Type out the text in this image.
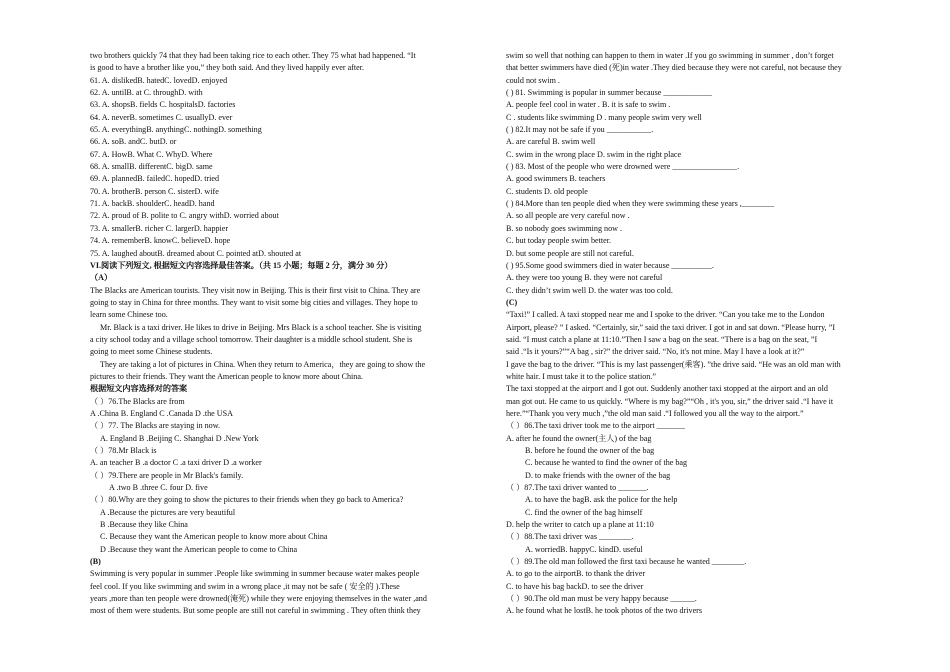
two brothers quickly 74 that they had been taking rice to each other. They 75 what had happened. “It
is good to have a brother like you,” they both said. And they lived happily ever after.
61. A. dislikedB. hatedC. lovedD. enjoyed
62. A. untilB. at C. throughD. with
63. A. shopsB. fields C. hospitalsD. factories
64. A. neverB. sometimes C. usuallyD. ever
65. A. everythingB. anythingC. nothingD. something
66. A. soB. andC. butD. or
67. A. HowB. What C. WhyD. Where
68. A. smallB. differentC. bigD. same
69. A. plannedB. failedC. hopedD. tried
70. A. brotherB. person C. sisterD. wife
71. A. backB. shoulderC. headD. hand
72. A. proud of B. polite to C. angry withD. worried about
73. A. smallerB. richer C. largerD. happier
74. A. rememberB. knowC. believeD. hope
75. A. laughed aboutB. dreamed about C. pointed atD. shouted at
VI.阅读下列短文, 根据短文内容选择最佳答案。（共 15 小题；每题 2 分，满分 30 分）
（A）
The Blacks are American tourists. They visit now in Beijing. This is their first visit to China. They are
going to stay in China for three months. They want to visit some big cities and villages. They hope to
learn some Chinese too.
Mr. Black is a taxi driver. He likes to drive in Beijing. Mrs Black is a school teacher. She is visiting
a city school today and a village school tomorrow. Their daughter is a middle school student. She is
going to meet some Chinese students.
They are taking a lot of pictures in China. When they return to America，they are going to show the
pictures to their friends. They want the American people to know more about China.
根据短文内容选择对的答案
（ ）76.The Blacks are from
A .China B. England C .Canada D .the USA
（ ）77. The Blacks are staying in now.
A. England B .Beijing C. Shanghai D .New York
（ ）78.Mr Black is
A. an teacher B .a doctor C .a taxi driver D .a worker
（ ）79.There are people in Mr Black's family.
A .two B .three C. four D. five
（ ）80.Why are they going to show the pictures to their friends when they go back to America?
A .Because the pictures are very beautiful
B .Because they like China
C. Because they want the American people to know more about China
D .Because they want the American people to come to China
(B)
Swimming is very popular in summer .People like swimming in summer because water makes people
feel cool. If you like swimming and swim in a wrong place ,it may not be safe ( 安全的 ).These
years ,more than ten people were drowned(淹死) while they were enjoying themselves in the water ,and
most of them were students. But some people are still not careful in swimming . They often think they
swim so well that nothing can happen to them in water .If you go swimming in summer , don’t forget
that better swimmers have died (死)in water .They died because they were not careful, not because they
could not swim .
( ) 81. Swimming is popular in summer because ____________
A. people feel cool in water . B. it is safe to swim .
C . students like swimming D . many people swim very well
( ) 82.It may not be safe if you ___________.
A. are careful B. swim well
C. swim in the wrong place D. swim in the right place
( ) 83. Most of the people who were drowned were ________________.
A. good swimmers B. teachers
C. students D. old people
( ) 84.More than ten people died when they were swimming these years ,________
A. so all people are very careful now .
B. so nobody goes swimming now .
C. but today people swim better.
D. but some people are still not careful.
( ) 95.Some good swimmers died in water because __________.
A. they were too young B. they were not careful
C. they didn’t swim well D. the water was too cold.
(C)
“Taxi!” I called. A taxi stopped near me and I spoke to the driver. “Can you take me to the London
Airport, please? ” I asked. “Certainly, sir,” said the taxi driver. I got in and sat down. “Please hurry, ”I
said. “I must catch a plane at 11:10.”Then I saw a bag on the seat. “There is a bag on the seat, ”I
said .“Is it yours?”“A bag , sir?” the driver said. “No, it's not mine. May I have a look at it?”
I gave the bag to the driver. “This is my last passenger(乘客). ”the drive said. “He was an old man with
white hair. I must take it to the police station.”
The taxi stopped at the airport and I got out. Suddenly another taxi stopped at the airport and an old
man got out. He came to us quickly. “Where is my bag?”“Oh , it's you, sir,” the driver said .“I have it
here.”“Thank you very much ,”the old man said .“I followed you all the way to the airport.”
（ ）86.The taxi driver took me to the airport _______
A. after he found the owner(主人) of the bag
B. before he found the owner of the bag
C. because he wanted to find the owner of the bag
D. to make friends with the owner of the bag
（ ）87.The taxi driver wanted to _______.
A. to have the bagB. ask the police for the help
C. find the owner of the bag himself
D. help the writer to catch up a plane at 11:10
（ ）88.The taxi driver was ________.
A. worriedB. happyC. kindD. useful
（ ）89.The old man followed the first taxi because he wanted ________.
A. to go to the airportB. to thank the driver
C. to have his bag backD. to see the driver
（ ）90.The old man must be very happy because ______.
A. he found what he lostB. he took photos of the two drivers
